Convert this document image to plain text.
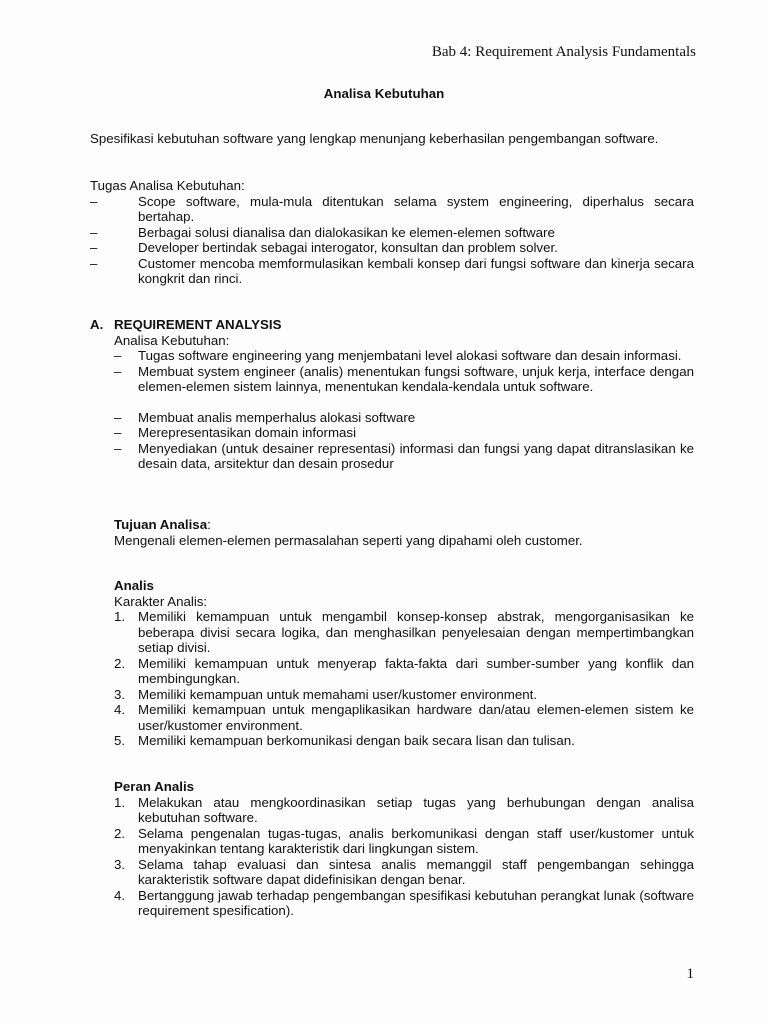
Bab 4: Requirement Analysis Fundamentals
Analisa Kebutuhan

Spesifikasi kebutuhan software yang lengkap menunjang keberhasilan pengembangan software.

Tugas Analisa Kebutuhan:

–	Scope software, mula-mula ditentukan selama system engineering, diperhalus secara bertahap.
–	Berbagai solusi dianalisa dan dialokasikan ke elemen-elemen software
–	Developer bertindak sebagai interogator, konsultan dan problem solver.
–	Customer mencoba memformulasikan kembali konsep dari fungsi software dan kinerja secara kongkrit dan rinci.
A. REQUIREMENT ANALYSIS

Analisa Kebutuhan:

– Tugas software engineering yang menjembatani level alokasi software dan desain informasi.
– Membuat system engineer (analis) menentukan fungsi software, unjuk kerja, interface dengan elemen-elemen sistem lainnya, menentukan kendala-kendala untuk software.
– Membuat analis memperhalus alokasi software
– Merepresentasikan domain informasi
– Menyediakan (untuk desainer representasi) informasi dan fungsi yang dapat ditranslasikan ke desain data, arsitektur dan desain prosedur

Tujuan Analisa:

Mengenali elemen-elemen permasalahan seperti yang dipahami oleh customer.

Analis

Karakter Analis:

1. Memiliki kemampuan untuk mengambil konsep-konsep abstrak, mengorganisasikan ke beberapa divisi secara logika, dan menghasilkan penyelesaian dengan mempertimbangkan setiap divisi.
2. Memiliki kemampuan untuk menyerap fakta-fakta dari sumber-sumber yang konflik dan membingungkan.
3. Memiliki kemampuan untuk memahami user/kustomer environment.
4. Memiliki kemampuan untuk mengaplikasikan hardware dan/atau elemen-elemen sistem ke user/kustomer environment.
5. Memiliki kemampuan berkomunikasi dengan baik secara lisan dan tulisan.

Peran Analis

1. Melakukan atau mengkoordinasikan setiap tugas yang berhubungan dengan analisa kebutuhan software.
2. Selama pengenalan tugas-tugas, analis berkomunikasi dengan staff user/kustomer untuk menyakinkan tentang karakteristik dari lingkungan sistem.
3. Selama tahap evaluasi dan sintesa analis memanggil staff pengembangan sehingga karakteristik software dapat didefinisikan dengan benar.
4. Bertanggung jawab terhadap pengembangan spesifikasi kebutuhan perangkat lunak (software requirement spesification).
1
